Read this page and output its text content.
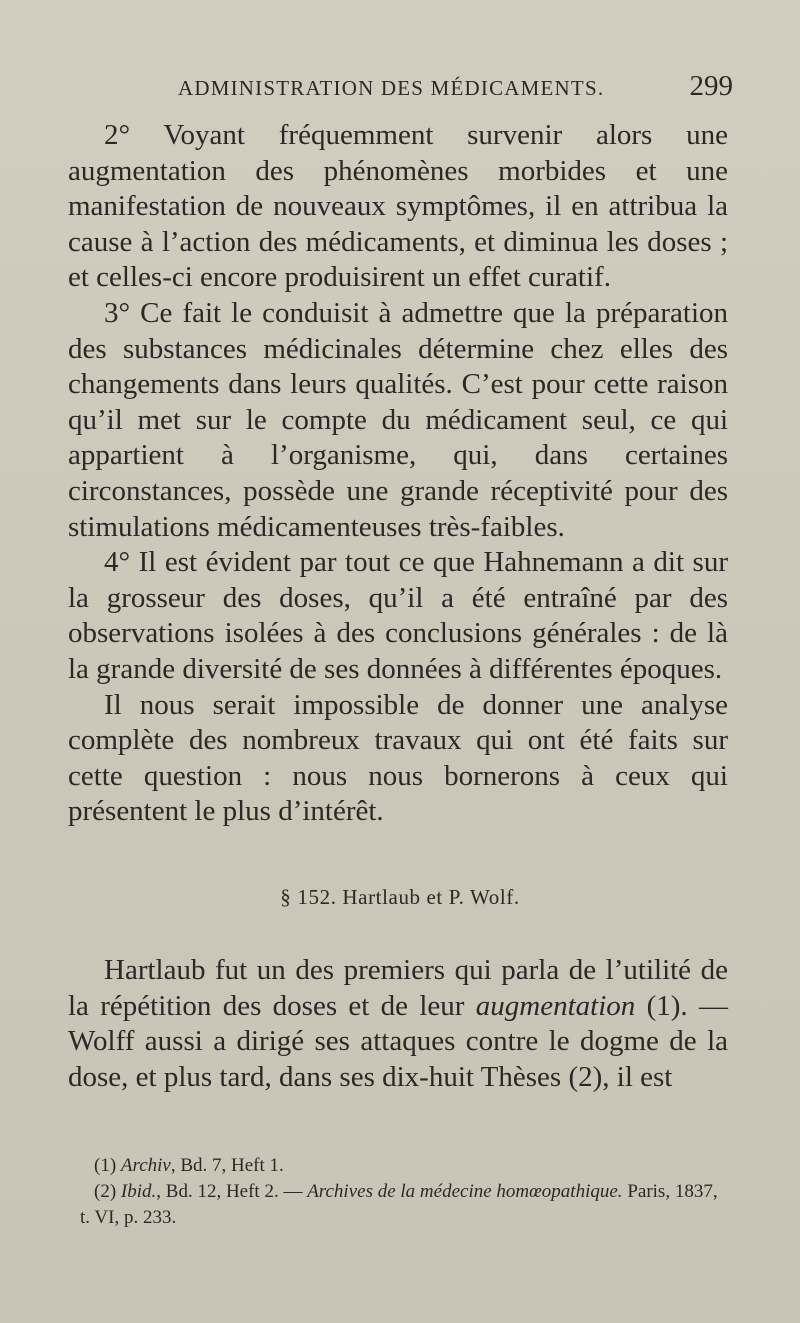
ADMINISTRATION DES MÉDICAMENTS.	299

2° Voyant fréquemment survenir alors une augmentation des phénomènes morbides et une manifestation de nouveaux symptômes, il en attribua la cause à l’action des médicaments, et diminua les doses ; et celles-ci encore produisirent un effet curatif.

3° Ce fait le conduisit à admettre que la préparation des substances médicinales détermine chez elles des changements dans leurs qualités. C’est pour cette raison qu’il met sur le compte du médicament seul, ce qui appartient à l’organisme, qui, dans certaines circonstances, possède une grande réceptivité pour des stimulations médicamenteuses très-faibles.

4° Il est évident par tout ce que Hahnemann a dit sur la grosseur des doses, qu’il a été entraîné par des observations isolées à des conclusions générales : de là la grande diversité de ses données à différentes époques.

Il nous serait impossible de donner une analyse complète des nombreux travaux qui ont été faits sur cette question : nous nous bornerons à ceux qui présentent le plus d’intérêt.

§ 152. Hartlaub et P. Wolf.

Hartlaub fut un des premiers qui parla de l’utilité de la répétition des doses et de leur augmentation (1). — Wolff aussi a dirigé ses attaques contre le dogme de la dose, et plus tard, dans ses dix-huit Thèses (2), il est

(1) Archiv, Bd. 7, Heft 1.

(2) Ibid., Bd. 12, Heft 2. — Archives de la médecine homœopathique. Paris, 1837, t. VI, p. 233.
